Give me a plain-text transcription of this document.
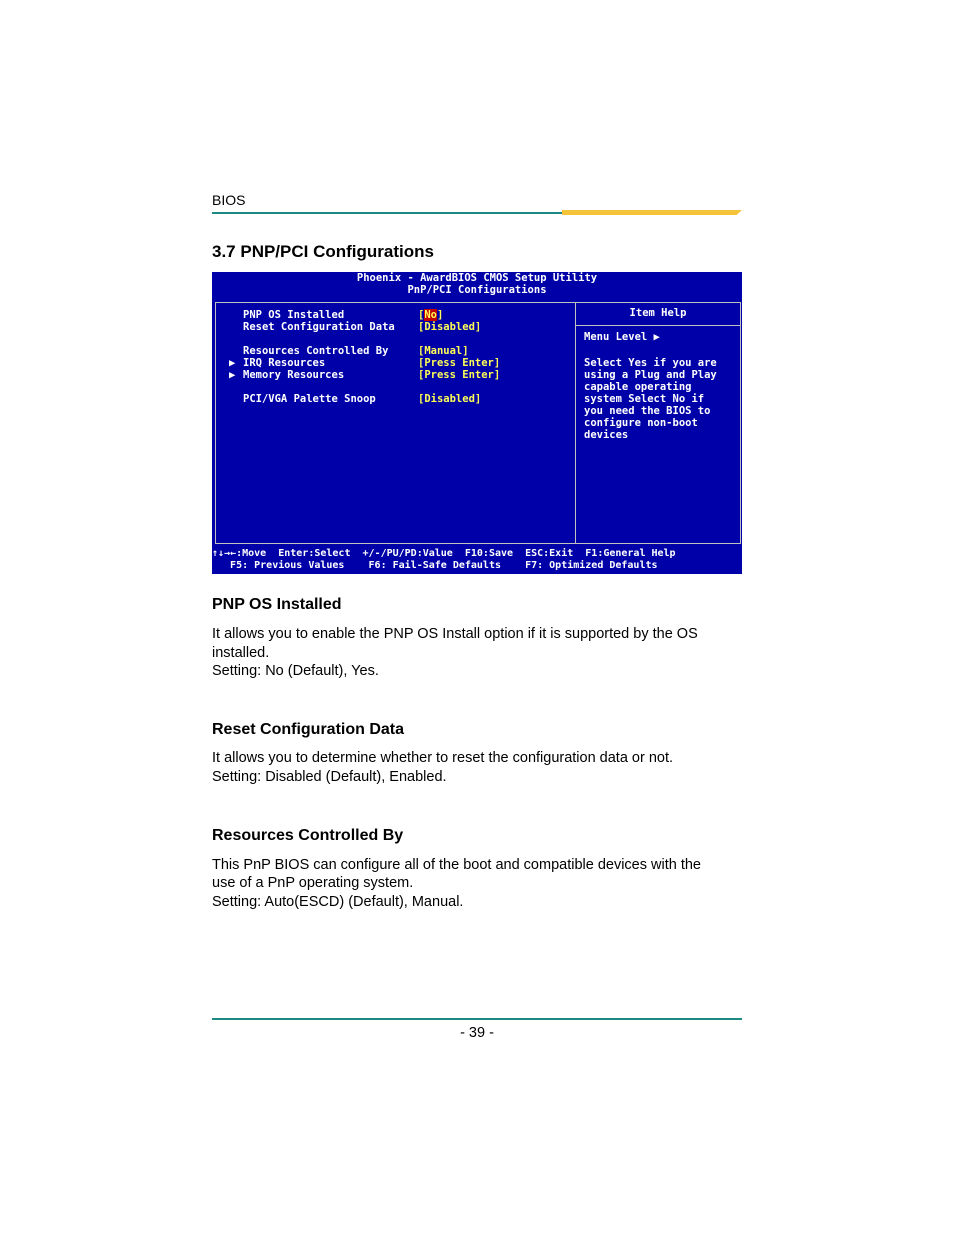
BIOS
3.7 PNP/PCI Configurations
Phoenix - AwardBIOS CMOS Setup Utility
PnP/PCI Configurations
PNP OS Installed	[No]
Reset Configuration Data [Disabled]
Resources Controlled By	[Manual]
▶ IRQ Resources	[Press Enter]
▶ Memory Resources	[Press Enter]
PCI/VGA Palette Snoop	[Disabled]
Item Help
Menu Level ▶
Select Yes if you are
using a Plug and Play
capable operating
system Select No if
you need the BIOS to
configure non-boot
devices
↑↓→←:Move  Enter:Select  +/-/PU/PD:Value  F10:Save  ESC:Exit  F1:General Help
F5: Previous Values    F6: Fail-Safe Defaults    F7: Optimized Defaults
PNP OS Installed
It allows you to enable the PNP OS Install option if it is supported by the OS
installed.
Setting: No (Default), Yes.
Reset Configuration Data
It allows you to determine whether to reset the configuration data or not.
Setting: Disabled (Default), Enabled.
Resources Controlled By
This PnP BIOS can configure all of the boot and compatible devices with the
use of a PnP operating system.
Setting: Auto(ESCD) (Default), Manual.
- 39 -
